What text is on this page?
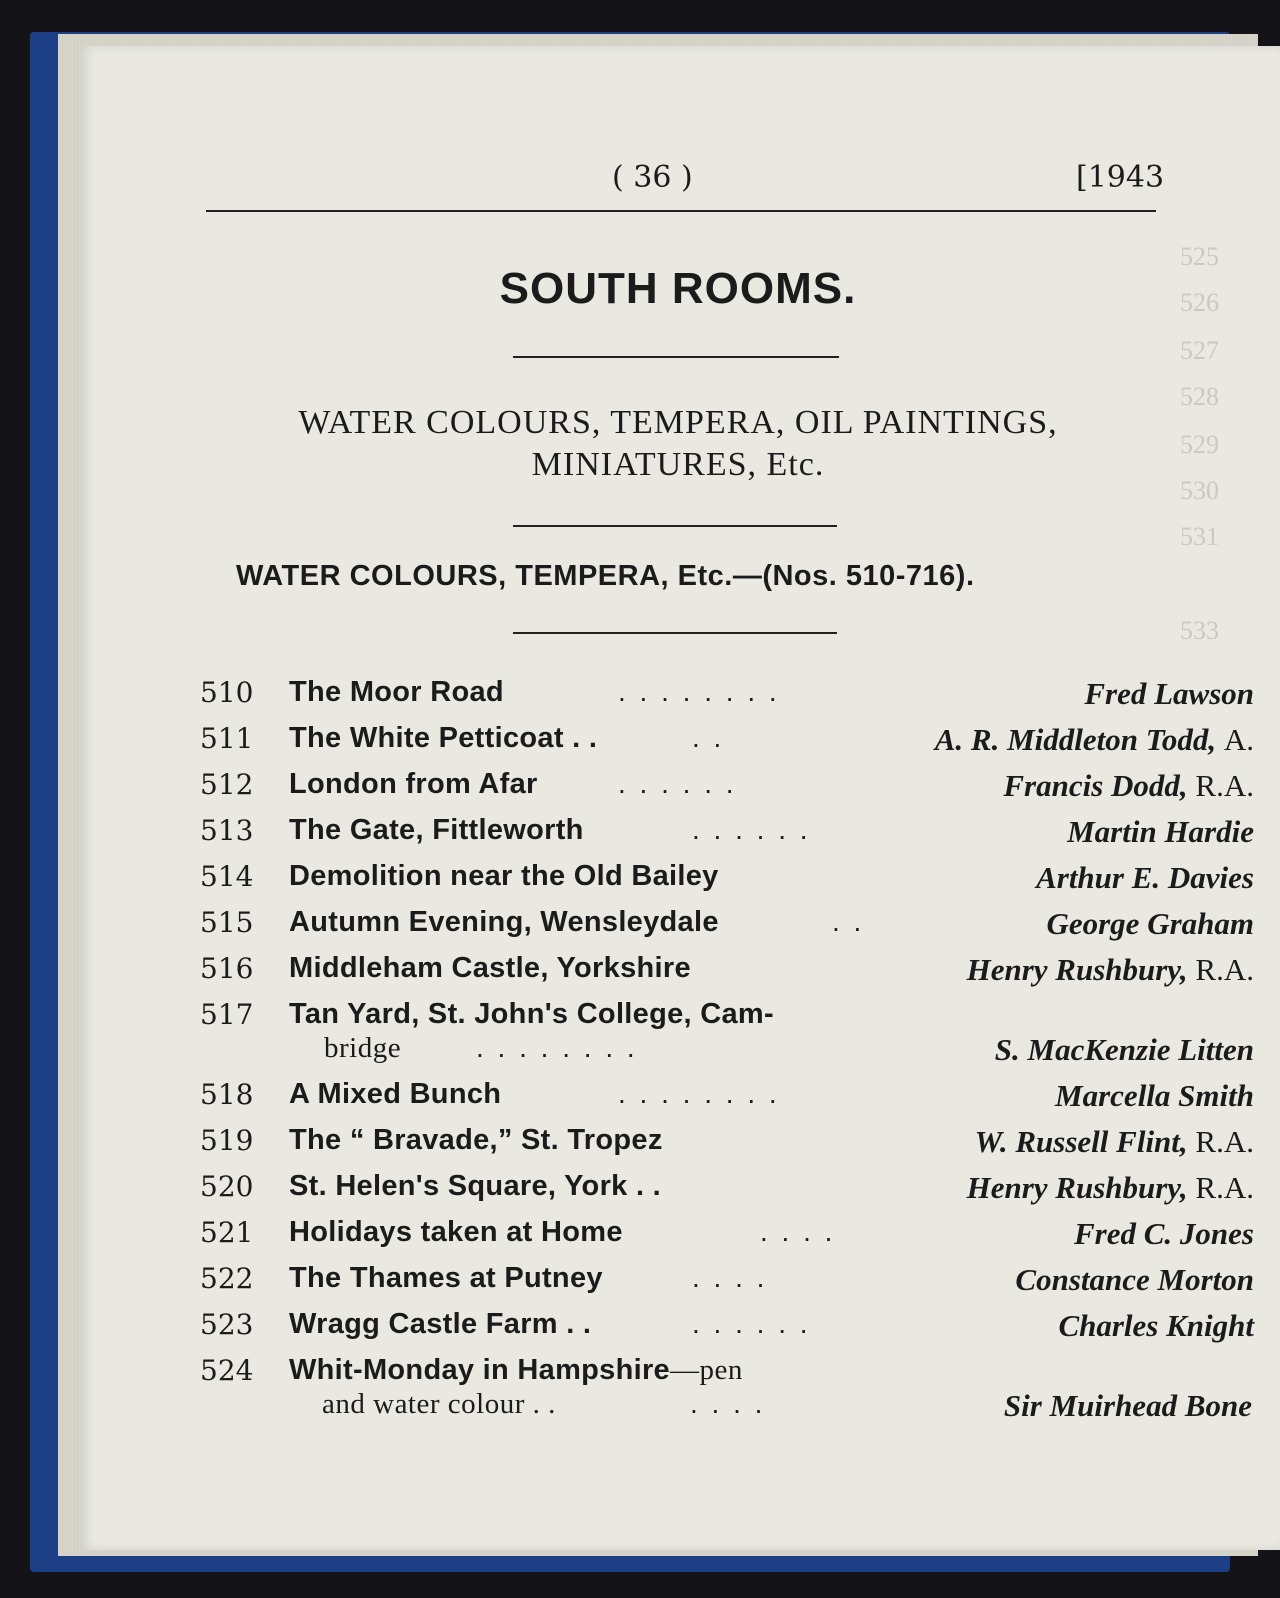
525
526
527
528
529
530
531
533
( 36 )	[1943
SOUTH ROOMS.
WATER COLOURS, TEMPERA, OIL PAINTINGS,
MINIATURES, Etc.
WATER COLOURS, TEMPERA, Etc.—(Nos. 510-716).
510 The Moor Road	. . . . . . . .	Fred Lawson
511 The White Petticoat . .	. .	A. R. Middleton Todd, A.
512 London from Afar	. . . . . .	Francis Dodd, R.A.
513 The Gate, Fittleworth	. . . . . .	Martin Hardie
514 Demolition near the Old Bailey	Arthur E. Davies
515 Autumn Evening, Wensleydale	. .	George Graham
516 Middleham Castle, Yorkshire	Henry Rushbury, R.A.
517 Tan Yard, St. John's College, Cam-
bridge	. . . . . . . .	S. MacKenzie Litten
518 A Mixed Bunch	. . . . . . . .	Marcella Smith
519 The “ Bravade,” St. Tropez	W. Russell Flint, R.A.
520 St. Helen's Square, York . .	Henry Rushbury, R.A.
521 Holidays taken at Home	. . . .	Fred C. Jones
522 The Thames at Putney	. . . .	Constance Morton
523 Wragg Castle Farm . .	. . . . . .	Charles Knight
524 Whit-Monday in Hampshire—pen
and water colour . .	. . . .	Sir Muirhead Bone
